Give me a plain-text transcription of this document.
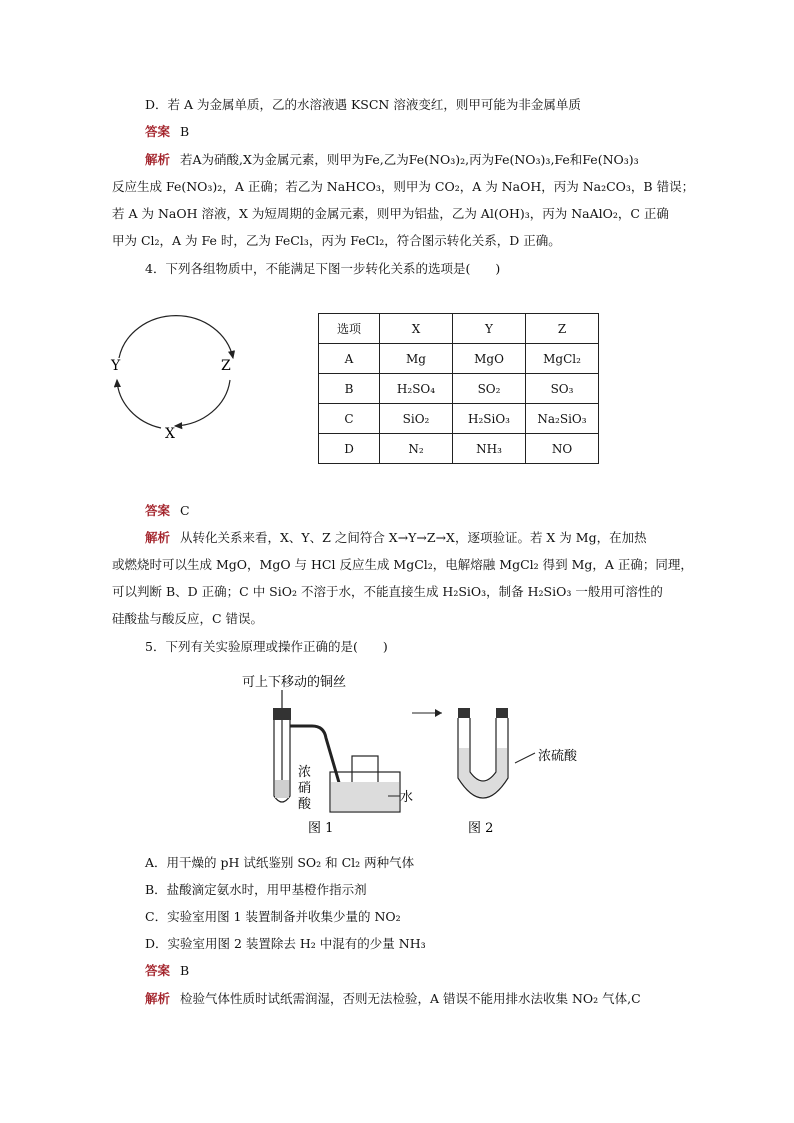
D．若 A 为金属单质，乙的水溶液遇 KSCN 溶液变红，则甲可能为非金属单质
答案 B
解析 若A为硝酸,X为金属元素，则甲为Fe,乙为Fe(NO₃)₂,丙为Fe(NO₃)₃,Fe和Fe(NO₃)₃
反应生成 Fe(NO₃)₂，A 正确；若乙为 NaHCO₃，则甲为 CO₂，A 为 NaOH，丙为 Na₂CO₃，B 错误；
若 A 为 NaOH 溶液，X 为短周期的金属元素，则甲为铝盐，乙为 Al(OH)₃，丙为 NaAlO₂，C 正确
甲为 Cl₂，A 为 Fe 时，乙为 FeCl₃，丙为 FeCl₂，符合图示转化关系，D 正确。
4．下列各组物质中，不能满足下图一步转化关系的选项是(　　)
Y	Z
X
选项	X	Y	Z
A	Mg	MgO	MgCl₂
B	H₂SO₄	SO₂	SO₃
C	SiO₂	H₂SiO₃	Na₂SiO₃
D	N₂	NH₃	NO
答案 C
解析 从转化关系来看，X、Y、Z 之间符合 X→Y→Z→X，逐项验证。若 X 为 Mg，在加热
或燃烧时可以生成 MgO，MgO 与 HCl 反应生成 MgCl₂，电解熔融 MgCl₂ 得到 Mg，A 正确；同理，
可以判断 B、D 正确；C 中 SiO₂ 不溶于水，不能直接生成 H₂SiO₃，制备 H₂SiO₃ 一般用可溶性的
硅酸盐与酸反应，C 错误。
5．下列有关实验原理或操作正确的是(　　)
可上下移动的铜丝
浓
硝
酸	水
图 1
浓硫酸
图 2
A．用干燥的 pH 试纸鉴别 SO₂ 和 Cl₂ 两种气体
B．盐酸滴定氨水时，用甲基橙作指示剂
C．实验室用图 1 装置制备并收集少量的 NO₂
D．实验室用图 2 装置除去 H₂ 中混有的少量 NH₃
答案 B
解析 检验气体性质时试纸需润湿，否则无法检验，A 错误不能用排水法收集 NO₂ 气体,C
